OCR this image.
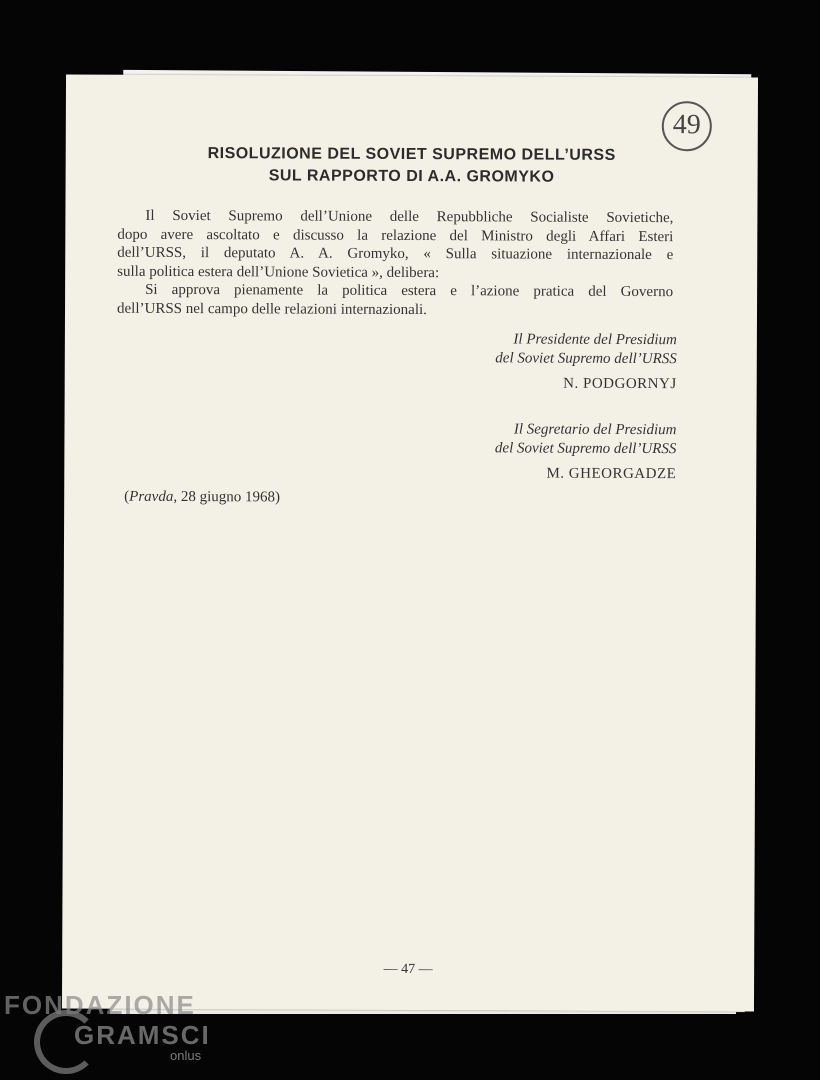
49
RISOLUZIONE DEL SOVIET SUPREMO DELL’URSS
SUL RAPPORTO DI A.A. GROMYKO
Il Soviet Supremo dell’Unione delle Repubbliche Socialiste Sovietiche,
dopo avere ascoltato e discusso la relazione del Ministro degli Affari Esteri
dell’URSS, il deputato A. A. Gromyko, « Sulla situazione internazionale e
sulla politica estera dell’Unione Sovietica », delibera:
Si approva pienamente la politica estera e l’azione pratica del Governo
dell’URSS nel campo delle relazioni internazionali.
Il Presidente del Presidium
del Soviet Supremo dell’URSS
N. PODGORNYJ
Il Segretario del Presidium
del Soviet Supremo dell’URSS
M. GHEORGADZE
(Pravda, 28 giugno 1968)
— 47 —
FONDAZIONE
GRAMSCI
onlus
